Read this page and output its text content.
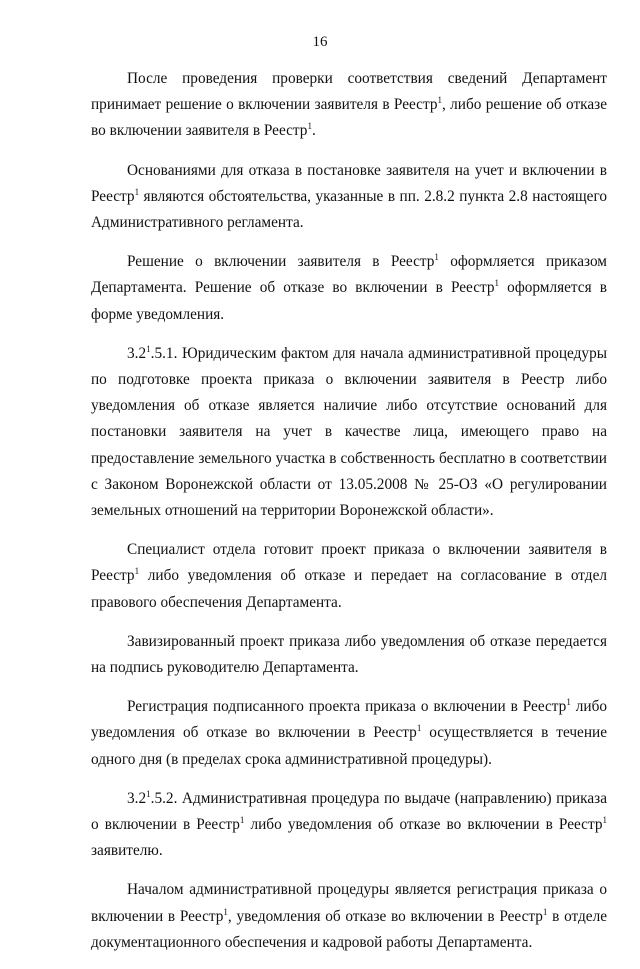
16

После проведения проверки соответствия сведений Департамент принимает решение о включении заявителя в Реестр$^1$, либо решение об отказе во включении заявителя в Реестр$^1$.

Основаниями для отказа в постановке заявителя на учет и включении в Реестр$^1$ являются обстоятельства, указанные в пп. 2.8.2 пункта 2.8 настоящего Административного регламента.

Решение о включении заявителя в Реестр$^1$ оформляется приказом Департамента. Решение об отказе во включении в Реестр$^1$ оформляется в форме уведомления.

$3.2^1.5.1$. Юридическим фактом для начала административной процедуры по подготовке проекта приказа о включении заявителя в Реестр либо уведомления об отказе является наличие либо отсутствие оснований для постановки заявителя на учет в качестве лица, имеющего право на предоставление земельного участка в собственность бесплатно в соответствии с Законом Воронежской области от 13.05.2008 № 25-ОЗ «О регулировании земельных отношений на территории Воронежской области».

Специалист отдела готовит проект приказа о включении заявителя в Реестр$^1$ либо уведомления об отказе и передает на согласование в отдел правового обеспечения Департамента.

Завизированный проект приказа либо уведомления об отказе передается на подпись руководителю Департамента.

Регистрация подписанного проекта приказа о включении в Реестр$^1$ либо уведомления об отказе во включении в Реестр$^1$ осуществляется в течение одного дня (в пределах срока административной процедуры).

$3.2^1.5.2$. Административная процедура по выдаче (направлению) приказа о включении в Реестр$^1$ либо уведомления об отказе во включении в Реестр$^1$ заявителю.

Началом административной процедуры является регистрация приказа о включении в Реестр$^1$, уведомления об отказе во включении в Реестр$^1$ в отделе документационного обеспечения и кадровой работы Департамента.
